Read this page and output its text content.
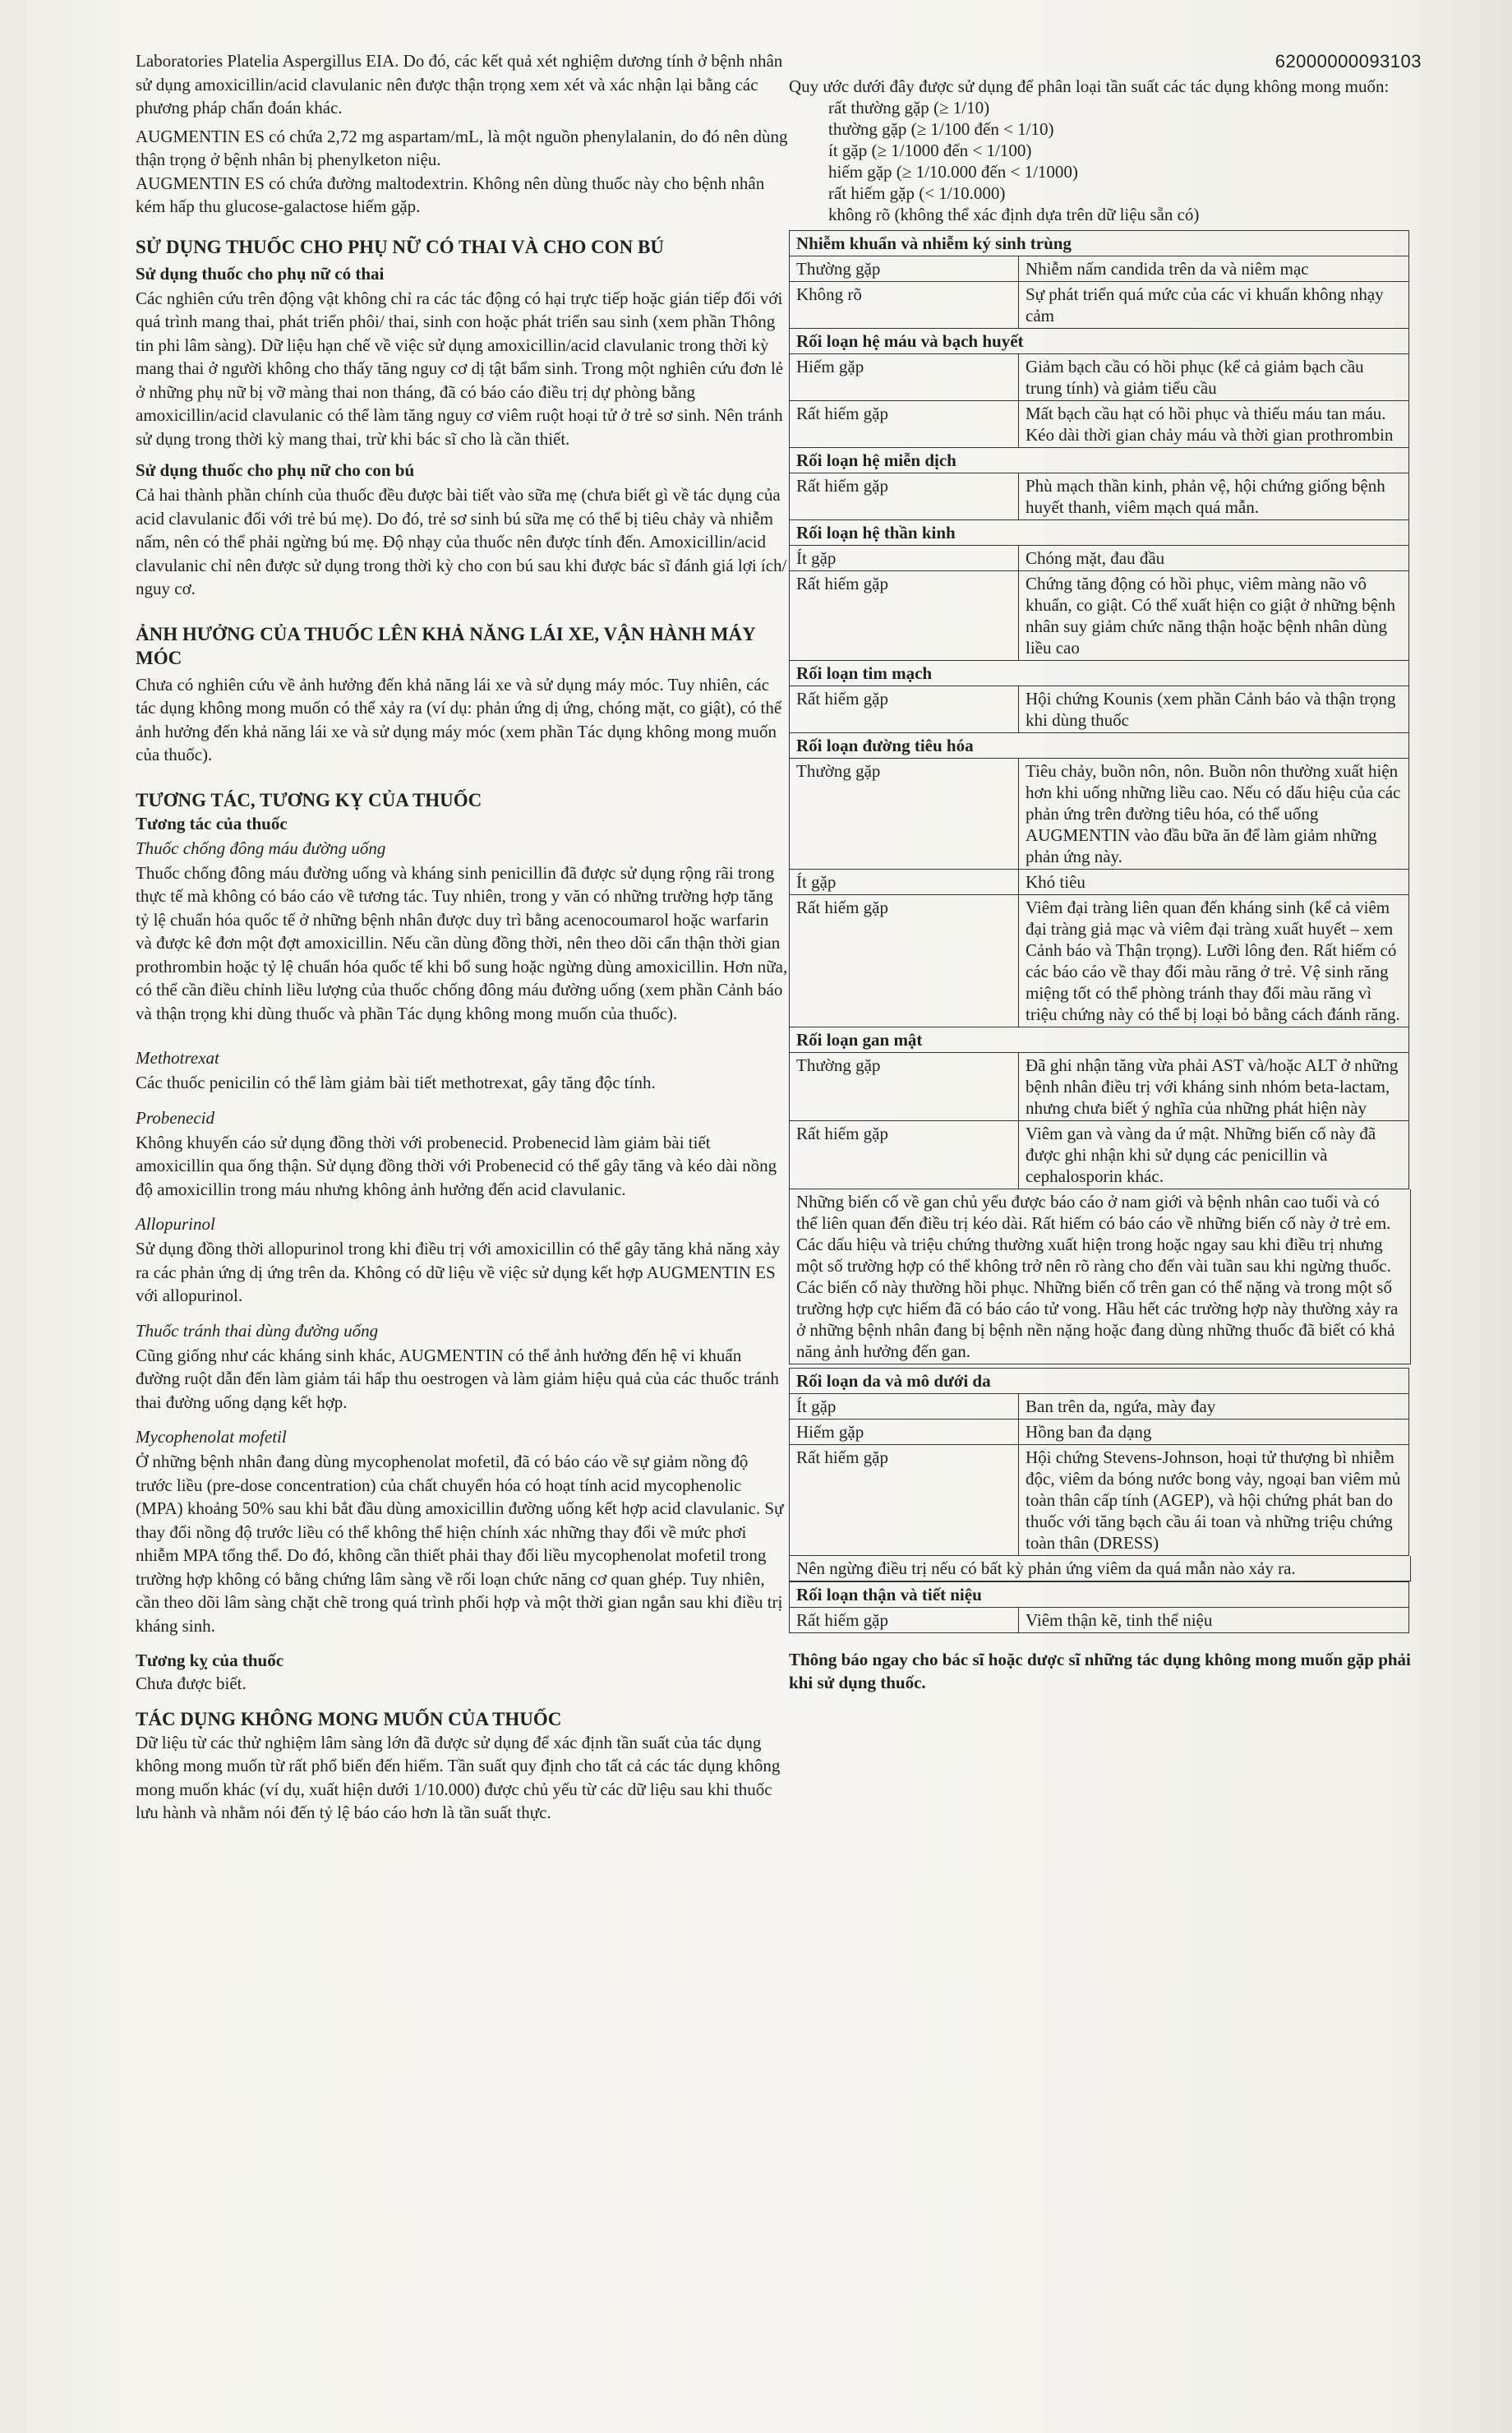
62000000093103

Laboratories Platelia Aspergillus EIA. Do đó, các kết quả xét nghiệm dương tính ở bệnh nhân sử dụng amoxicillin/acid clavulanic nên được thận trọng xem xét và xác nhận lại bằng các phương pháp chẩn đoán khác.

AUGMENTIN ES có chứa 2,72 mg aspartam/mL, là một nguồn phenylalanin, do đó nên dùng thận trọng ở bệnh nhân bị phenylketon niệu.

AUGMENTIN ES có chứa đường maltodextrin. Không nên dùng thuốc này cho bệnh nhân kém hấp thu glucose-galactose hiếm gặp.

SỬ DỤNG THUỐC CHO PHỤ NỮ CÓ THAI VÀ CHO CON BÚ
Sử dụng thuốc cho phụ nữ có thai

Các nghiên cứu trên động vật không chỉ ra các tác động có hại trực tiếp hoặc gián tiếp đối với quá trình mang thai, phát triển phôi/ thai, sinh con hoặc phát triển sau sinh (xem phần Thông tin phi lâm sàng). Dữ liệu hạn chế về việc sử dụng amoxicillin/acid clavulanic trong thời kỳ mang thai ở người không cho thấy tăng nguy cơ dị tật bẩm sinh. Trong một nghiên cứu đơn lẻ ở những phụ nữ bị vỡ màng thai non tháng, đã có báo cáo điều trị dự phòng bằng amoxicillin/acid clavulanic có thể làm tăng nguy cơ viêm ruột hoại tử ở trẻ sơ sinh. Nên tránh sử dụng trong thời kỳ mang thai, trừ khi bác sĩ cho là cần thiết.

Sử dụng thuốc cho phụ nữ cho con bú

Cả hai thành phần chính của thuốc đều được bài tiết vào sữa mẹ (chưa biết gì về tác dụng của acid clavulanic đối với trẻ bú mẹ). Do đó, trẻ sơ sinh bú sữa mẹ có thể bị tiêu chảy và nhiễm nấm, nên có thể phải ngừng bú mẹ. Độ nhạy của thuốc nên được tính đến. Amoxicillin/acid clavulanic chỉ nên được sử dụng trong thời kỳ cho con bú sau khi được bác sĩ đánh giá lợi ích/ nguy cơ.

ẢNH HƯỞNG CỦA THUỐC LÊN KHẢ NĂNG LÁI XE, VẬN HÀNH MÁY MÓC

Chưa có nghiên cứu về ảnh hưởng đến khả năng lái xe và sử dụng máy móc. Tuy nhiên, các tác dụng không mong muốn có thể xảy ra (ví dụ: phản ứng dị ứng, chóng mặt, co giật), có thể ảnh hưởng đến khả năng lái xe và sử dụng máy móc (xem phần Tác dụng không mong muốn của thuốc).

TƯƠNG TÁC, TƯƠNG KỴ CỦA THUỐC
Tương tác của thuốc
Thuốc chống đông máu đường uống

Thuốc chống đông máu đường uống và kháng sinh penicillin đã được sử dụng rộng rãi trong thực tế mà không có báo cáo về tương tác. Tuy nhiên, trong y văn có những trường hợp tăng tỷ lệ chuẩn hóa quốc tế ở những bệnh nhân được duy trì bằng acenocoumarol hoặc warfarin và được kê đơn một đợt amoxicillin. Nếu cần dùng đồng thời, nên theo dõi cẩn thận thời gian prothrombin hoặc tỷ lệ chuẩn hóa quốc tế khi bổ sung hoặc ngừng dùng amoxicillin. Hơn nữa, có thể cần điều chỉnh liều lượng của thuốc chống đông máu đường uống (xem phần Cảnh báo và thận trọng khi dùng thuốc và phần Tác dụng không mong muốn của thuốc).

Methotrexat

Các thuốc penicilin có thể làm giảm bài tiết methotrexat, gây tăng độc tính.

Probenecid

Không khuyến cáo sử dụng đồng thời với probenecid. Probenecid làm giảm bài tiết amoxicillin qua ống thận. Sử dụng đồng thời với Probenecid có thể gây tăng và kéo dài nồng độ amoxicillin trong máu nhưng không ảnh hưởng đến acid clavulanic.

Allopurinol

Sử dụng đồng thời allopurinol trong khi điều trị với amoxicillin có thể gây tăng khả năng xảy ra các phản ứng dị ứng trên da. Không có dữ liệu về việc sử dụng kết hợp AUGMENTIN ES với allopurinol.

Thuốc tránh thai dùng đường uống

Cũng giống như các kháng sinh khác, AUGMENTIN có thể ảnh hưởng đến hệ vi khuẩn đường ruột dẫn đến làm giảm tái hấp thu oestrogen và làm giảm hiệu quả của các thuốc tránh thai đường uống dạng kết hợp.

Mycophenolat mofetil

Ở những bệnh nhân đang dùng mycophenolat mofetil, đã có báo cáo về sự giảm nồng độ trước liều (pre-dose concentration) của chất chuyển hóa có hoạt tính acid mycophenolic (MPA) khoảng 50% sau khi bắt đầu dùng amoxicillin đường uống kết hợp acid clavulanic. Sự thay đổi nồng độ trước liều có thể không thể hiện chính xác những thay đổi về mức phơi nhiễm MPA tổng thể. Do đó, không cần thiết phải thay đổi liều mycophenolat mofetil trong trường hợp không có bằng chứng lâm sàng về rối loạn chức năng cơ quan ghép. Tuy nhiên, cần theo dõi lâm sàng chặt chẽ trong quá trình phối hợp và một thời gian ngắn sau khi điều trị kháng sinh.

Tương kỵ của thuốc

Chưa được biết.

TÁC DỤNG KHÔNG MONG MUỐN CỦA THUỐC

Dữ liệu từ các thử nghiệm lâm sàng lớn đã được sử dụng để xác định tần suất của tác dụng không mong muốn từ rất phổ biến đến hiếm. Tần suất quy định cho tất cả các tác dụng không mong muốn khác (ví dụ, xuất hiện dưới 1/10.000) được chủ yếu từ các dữ liệu sau khi thuốc lưu hành và nhằm nói đến tỷ lệ báo cáo hơn là tần suất thực.

Quy ước dưới đây được sử dụng để phân loại tần suất các tác dụng không mong muốn:

rất thường gặp (≥ 1/10)
thường gặp (≥ 1/100 đến < 1/10)
ít gặp (≥ 1/1000 đến < 1/100)
hiếm gặp (≥ 1/10.000 đến < 1/1000)
rất hiếm gặp (< 1/10.000)
không rõ (không thể xác định dựa trên dữ liệu sẵn có)
Nhiễm khuẩn và nhiễm ký sinh trùng	
Thường gặp	Nhiễm nấm candida trên da và niêm mạc
Không rõ	Sự phát triển quá mức của các vi khuẩn không nhạy cảm
Rối loạn hệ máu và bạch huyết	
Hiếm gặp	Giảm bạch cầu có hồi phục (kể cả giảm bạch cầu trung tính) và giảm tiểu cầu
Rất hiếm gặp	Mất bạch cầu hạt có hồi phục và thiếu máu tan máu. Kéo dài thời gian chảy máu và thời gian prothrombin
Rối loạn hệ miễn dịch	
Rất hiếm gặp	Phù mạch thần kinh, phản vệ, hội chứng giống bệnh huyết thanh, viêm mạch quá mẫn.
Rối loạn hệ thần kinh	
Ít gặp	Chóng mặt, đau đầu
Rất hiếm gặp	Chứng tăng động có hồi phục, viêm màng não vô khuẩn, co giật. Có thể xuất hiện co giật ở những bệnh nhân suy giảm chức năng thận hoặc bệnh nhân dùng liều cao
Rối loạn tim mạch	
Rất hiếm gặp	Hội chứng Kounis (xem phần Cảnh báo và thận trọng khi dùng thuốc
Rối loạn đường tiêu hóa	
Thường gặp	Tiêu chảy, buồn nôn, nôn. Buồn nôn thường xuất hiện hơn khi uống những liều cao. Nếu có dấu hiệu của các phản ứng trên đường tiêu hóa, có thể uống AUGMENTIN vào đầu bữa ăn để làm giảm những phản ứng này.
Ít gặp	Khó tiêu
Rất hiếm gặp	Viêm đại tràng liên quan đến kháng sinh (kể cả viêm đại tràng giả mạc và viêm đại tràng xuất huyết – xem Cảnh báo và Thận trọng). Lưỡi lông đen. Rất hiếm có các báo cáo về thay đổi màu răng ở trẻ. Vệ sinh răng miệng tốt có thể phòng tránh thay đổi màu răng vì triệu chứng này có thể bị loại bỏ bằng cách đánh răng.
Rối loạn gan mật	
Thường gặp	Đã ghi nhận tăng vừa phải AST và/hoặc ALT ở những bệnh nhân điều trị với kháng sinh nhóm beta-lactam, nhưng chưa biết ý nghĩa của những phát hiện này
Rất hiếm gặp	Viêm gan và vàng da ứ mật. Những biến cố này đã được ghi nhận khi sử dụng các penicillin và cephalosporin khác.
Những biến cố về gan chủ yếu được báo cáo ở nam giới và bệnh nhân cao tuổi và có thể liên quan đến điều trị kéo dài. Rất hiếm có báo cáo về những biến cố này ở trẻ em.
Các dấu hiệu và triệu chứng thường xuất hiện trong hoặc ngay sau khi điều trị nhưng một số trường hợp có thể không trở nên rõ ràng cho đến vài tuần sau khi ngừng thuốc. Các biến cố này thường hồi phục. Những biến cố trên gan có thể nặng và trong một số trường hợp cực hiếm đã có báo cáo tử vong. Hầu hết các trường hợp này thường xảy ra ở những bệnh nhân đang bị bệnh nền nặng hoặc đang dùng những thuốc đã biết có khả năng ảnh hưởng đến gan.
Rối loạn da và mô dưới da	
Ít gặp	Ban trên da, ngứa, mày đay
Hiếm gặp	Hồng ban đa dạng
Rất hiếm gặp	Hội chứng Stevens-Johnson, hoại tử thượng bì nhiễm độc, viêm da bóng nước bong vảy, ngoại ban viêm mủ toàn thân cấp tính (AGEP), và hội chứng phát ban do thuốc với tăng bạch cầu ái toan và những triệu chứng toàn thân (DRESS)
Nên ngừng điều trị nếu có bất kỳ phản ứng viêm da quá mẫn nào xảy ra.
Rối loạn thận và tiết niệu
Rất hiếm gặp	Viêm thận kẽ, tinh thể niệu
Thông báo ngay cho bác sĩ hoặc dược sĩ những tác dụng không mong muốn gặp phải khi sử dụng thuốc.
